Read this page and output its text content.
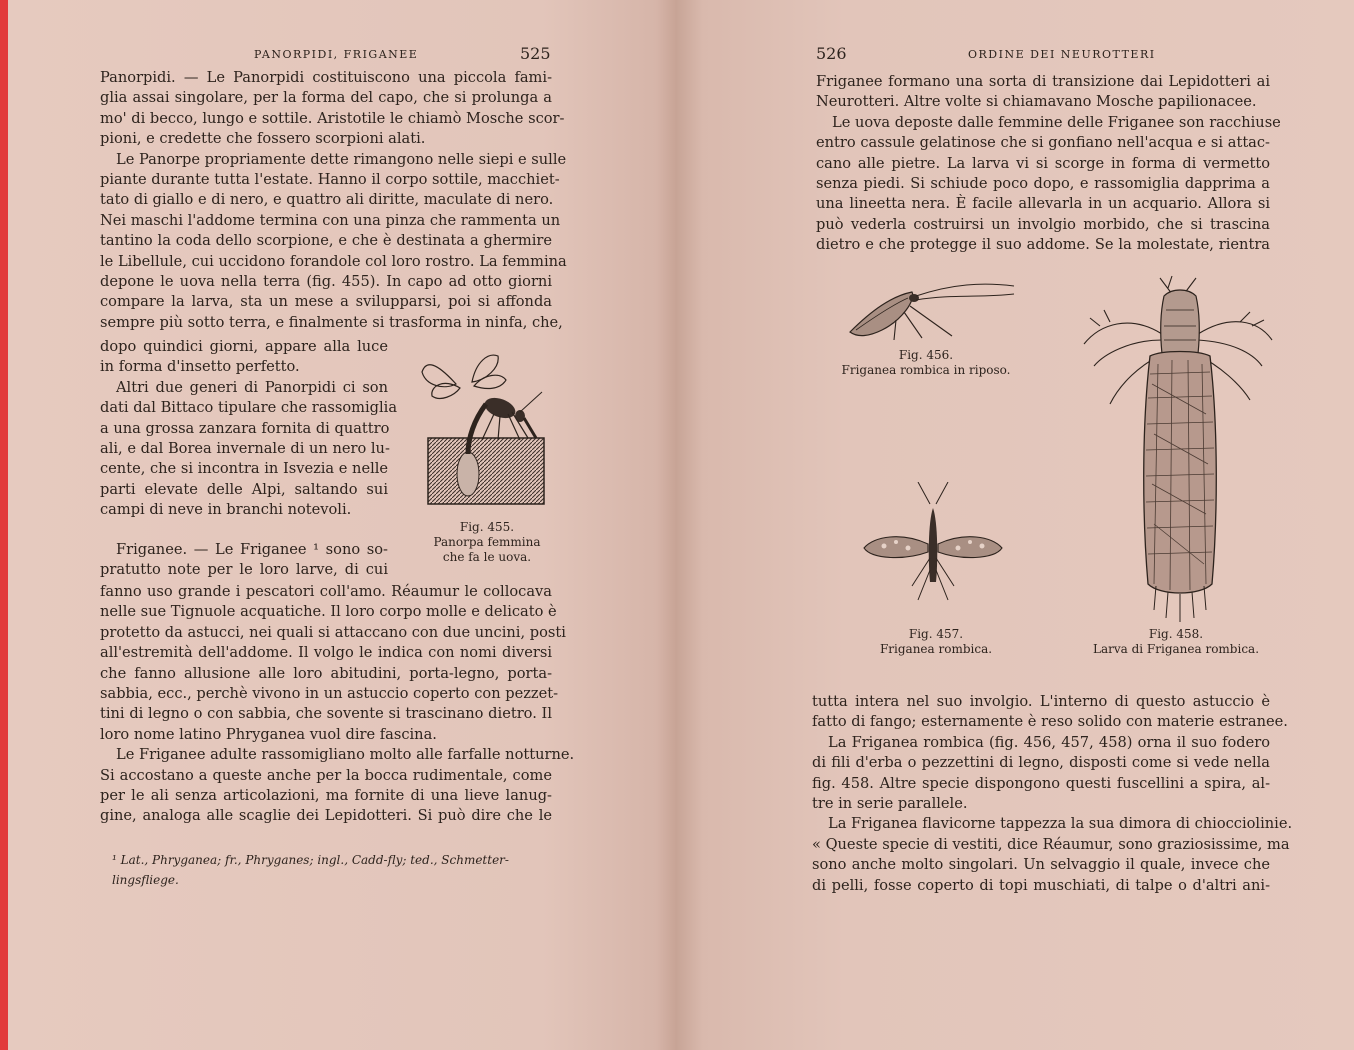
PANORPIDI, FRIGANEE	525
Panorpidi. — Le Panorpidi costituiscono una piccola fami-
glia assai singolare, per la forma del capo, che si prolunga a
mo' di becco, lungo e sottile. Aristotile le chiamò Mosche scor-
pioni, e credette che fossero scorpioni alati.
Le Panorpe propriamente dette rimangono nelle siepi e sulle
piante durante tutta l'estate. Hanno il corpo sottile, macchiet-
tato di giallo e di nero, e quattro ali diritte, maculate di nero.
Nei maschi l'addome termina con una pinza che rammenta un
tantino la coda dello scorpione, e che è destinata a ghermire
le Libellule, cui uccidono forandole col loro rostro. La femmina
depone le uova nella terra (fig. 455). In capo ad otto giorni
compare la larva, sta un mese a svilupparsi, poi si affonda
sempre più sotto terra, e finalmente si trasforma in ninfa, che,
dopo quindici giorni, appare alla luce
in forma d'insetto perfetto.
Altri due generi di Panorpidi ci son
dati dal Bittaco tipulare che rassomiglia
a una grossa zanzara fornita di quattro
ali, e dal Borea invernale di un nero lu-
cente, che si incontra in Isvezia e nelle
parti elevate delle Alpi, saltando sui
campi di neve in branchi notevoli.
Friganee. — Le Friganee ¹ sono so-
pratutto note per le loro larve, di cui
Fig. 455.
Panorpa femmina
che fa le uova.
fanno uso grande i pescatori coll'amo. Réaumur le collocava
nelle sue Tignuole acquatiche. Il loro corpo molle e delicato è
protetto da astucci, nei quali si attaccano con due uncini, posti
all'estremità dell'addome. Il volgo le indica con nomi diversi
che fanno allusione alle loro abitudini, porta-legno, porta-
sabbia, ecc., perchè vivono in un astuccio coperto con pezzet-
tini di legno o con sabbia, che sovente si trascinano dietro. Il
loro nome latino Phryganea vuol dire fascina.
Le Friganee adulte rassomigliano molto alle farfalle notturne.
Si accostano a queste anche per la bocca rudimentale, come
per le ali senza articolazioni, ma fornite di una lieve lanug-
gine, analoga alle scaglie dei Lepidotteri. Si può dire che le
¹ Lat., Phryganea; fr., Phryganes; ingl., Cadd-fly; ted., Schmetter-
lingsfliege.
526	ORDINE DEI NEUROTTERI
Friganee formano una sorta di transizione dai Lepidotteri ai
Neurotteri. Altre volte si chiamavano Mosche papilionacee.
Le uova deposte dalle femmine delle Friganee son racchiuse
entro cassule gelatinose che si gonfiano nell'acqua e si attac-
cano alle pietre. La larva vi si scorge in forma di vermetto
senza piedi. Si schiude poco dopo, e rassomiglia dapprima a
una lineetta nera. È facile allevarla in un acquario. Allora si
può vederla costruirsi un involgio morbido, che si trascina
dietro e che protegge il suo addome. Se la molestate, rientra
Fig. 456.
Friganea rombica in riposo.
Fig. 457.
Friganea rombica.
Fig. 458.
Larva di Friganea rombica.
tutta intera nel suo involgio. L'interno di questo astuccio è
fatto di fango; esternamente è reso solido con materie estranee.
La Friganea rombica (fig. 456, 457, 458) orna il suo fodero
di fili d'erba o pezzettini di legno, disposti come si vede nella
fig. 458. Altre specie dispongono questi fuscellini a spira, al-
tre in serie parallele.
La Friganea flavicorne tappezza la sua dimora di chiocciolinie.
« Queste specie di vestiti, dice Réaumur, sono graziosissime, ma
sono anche molto singolari. Un selvaggio il quale, invece che
di pelli, fosse coperto di topi muschiati, di talpe o d'altri ani-
